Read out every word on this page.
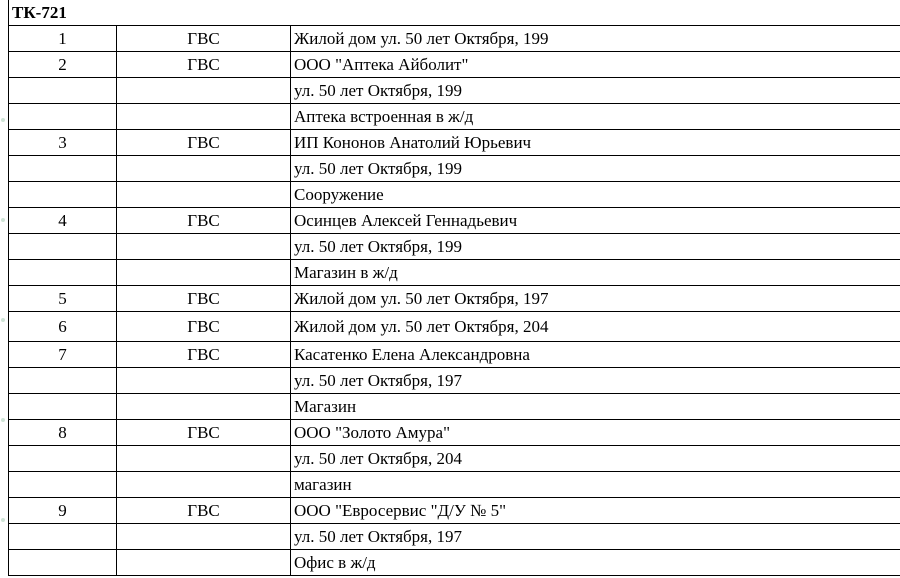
ТК-721		
1	ГВС	Жилой дом ул. 50 лет Октября, 199
2	ГВС	ООО "Аптека Айболит"
		ул. 50 лет Октября, 199
		Аптека встроенная в ж/д
3	ГВС	ИП Кононов Анатолий Юрьевич
		ул. 50 лет Октября, 199
		Сооружение
4	ГВС	Осинцев Алексей Геннадьевич
		ул. 50 лет Октября, 199
		Магазин в ж/д
5	ГВС	Жилой дом ул. 50 лет Октября, 197
6	ГВС	Жилой дом ул. 50 лет Октября, 204
7	ГВС	Касатенко Елена Александровна
		ул. 50 лет Октября, 197
		Магазин
8	ГВС	ООО "Золото Амура"
		ул. 50 лет Октября, 204
		магазин
9	ГВС	ООО "Евросервис "Д/У № 5"
		ул. 50 лет Октября, 197
		Офис в ж/д
